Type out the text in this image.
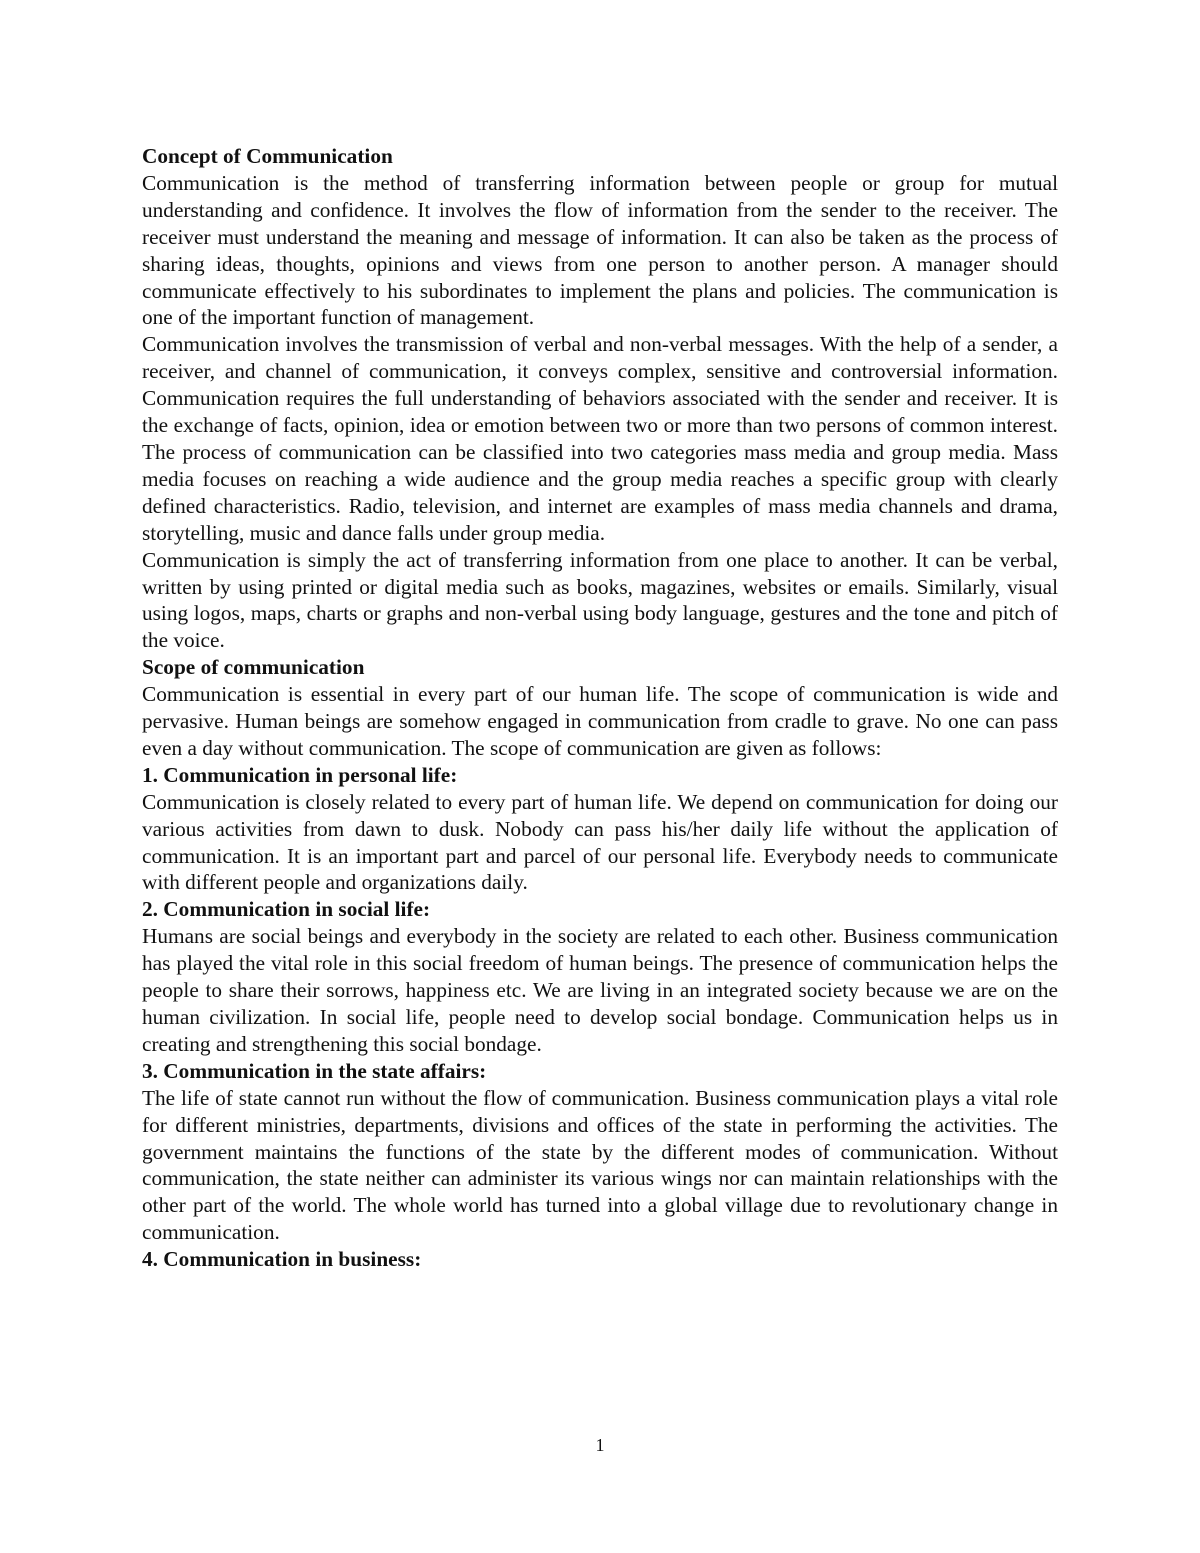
Concept of Communication

Communication is the method of transferring information between people or group for mutual understanding and confidence. It involves the flow of information from the sender to the receiver. The receiver must understand the meaning and message of information. It can also be taken as the process of sharing ideas, thoughts, opinions and views from one person to another person. A manager should communicate effectively to his subordinates to implement the plans and policies. The communication is one of the important function of management.

Communication involves the transmission of verbal and non-verbal messages. With the help of a sender, a receiver, and channel of communication, it conveys complex, sensitive and controversial information. Communication requires the full understanding of behaviors associated with the sender and receiver. It is the exchange of facts, opinion, idea or emotion between two or more than two persons of common interest. The process of communication can be classified into two categories mass media and group media. Mass media focuses on reaching a wide audience and the group media reaches a specific group with clearly defined characteristics. Radio, television, and internet are examples of mass media channels and drama, storytelling, music and dance falls under group media.

Communication is simply the act of transferring information from one place to another. It can be verbal, written by using printed or digital media such as books, magazines, websites or emails. Similarly, visual using logos, maps, charts or graphs and non-verbal using body language, gestures and the tone and pitch of the voice.

Scope of communication

Communication is essential in every part of our human life. The scope of communication is wide and pervasive. Human beings are somehow engaged in communication from cradle to grave. No one can pass even a day without communication. The scope of communication are given as follows:

1. Communication in personal life:

Communication is closely related to every part of human life. We depend on communication for doing our various activities from dawn to dusk. Nobody can pass his/her daily life without the application of communication. It is an important part and parcel of our personal life. Everybody needs to communicate with different people and organizations daily.

2. Communication in social life:

Humans are social beings and everybody in the society are related to each other. Business communication has played the vital role in this social freedom of human beings. The presence of communication helps the people to share their sorrows, happiness etc. We are living in an integrated society because we are on the human civilization. In social life, people need to develop social bondage. Communication helps us in creating and strengthening this social bondage.

3. Communication in the state affairs:

The life of state cannot run without the flow of communication. Business communication plays a vital role for different ministries, departments, divisions and offices of the state in performing the activities. The government maintains the functions of the state by the different modes of communication. Without communication, the state neither can administer its various wings nor can maintain relationships with the other part of the world. The whole world has turned into a global village due to revolutionary change in communication.

4. Communication in business:
1
